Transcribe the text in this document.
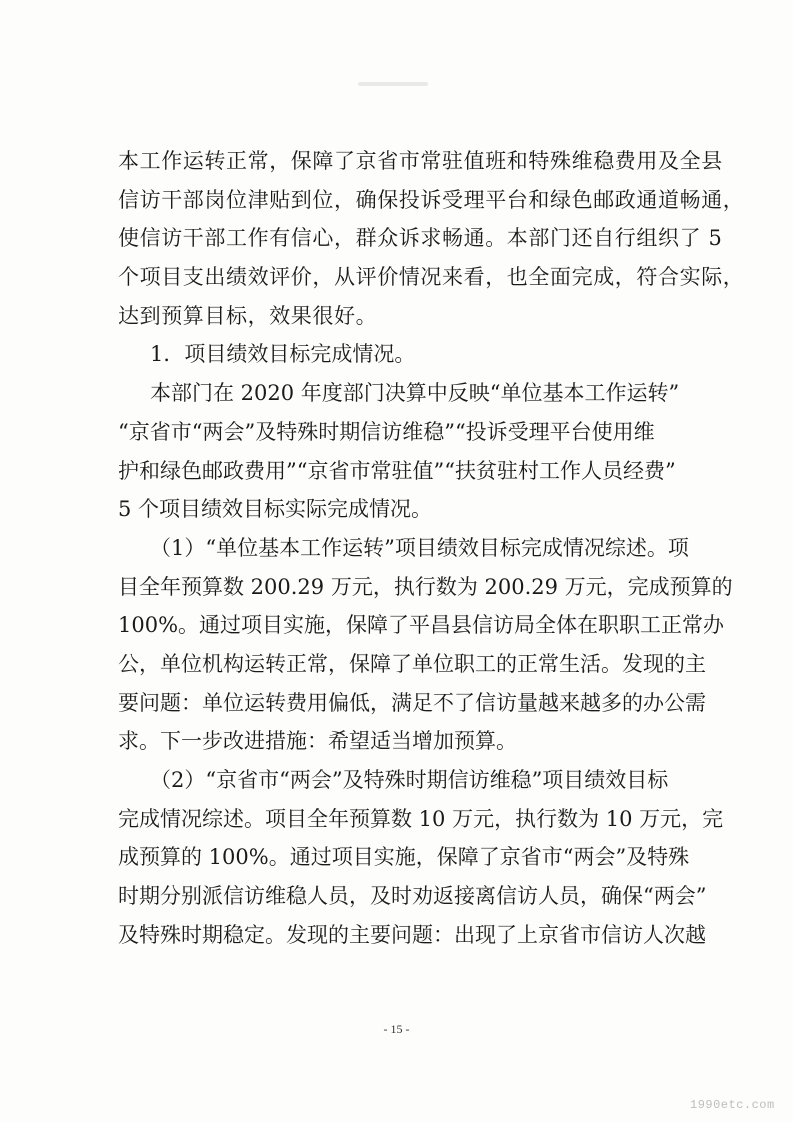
本工作运转正常，保障了京省市常驻值班和特殊维稳费用及全县
信访干部岗位津贴到位，确保投诉受理平台和绿色邮政通道畅通，
使信访干部工作有信心，群众诉求畅通。本部门还自行组织了 5
个项目支出绩效评价，从评价情况来看，也全面完成，符合实际，
达到预算目标，效果很好。
1．项目绩效目标完成情况。
本部门在 2020 年度部门决算中反映“单位基本工作运转”
“京省市“两会”及特殊时期信访维稳”“投诉受理平台使用维
护和绿色邮政费用”“京省市常驻值”“扶贫驻村工作人员经费”
5 个项目绩效目标实际完成情况。
（1）“单位基本工作运转”项目绩效目标完成情况综述。项
目全年预算数 200.29 万元，执行数为 200.29 万元，完成预算的
100%。通过项目实施，保障了平昌县信访局全体在职职工正常办
公，单位机构运转正常，保障了单位职工的正常生活。发现的主
要问题：单位运转费用偏低，满足不了信访量越来越多的办公需
求。下一步改进措施：希望适当增加预算。
（2）“京省市“两会”及特殊时期信访维稳”项目绩效目标
完成情况综述。项目全年预算数 10 万元，执行数为 10 万元，完
成预算的 100%。通过项目实施，保障了京省市“两会”及特殊
时期分别派信访维稳人员，及时劝返接离信访人员，确保“两会”
及特殊时期稳定。发现的主要问题：出现了上京省市信访人次越
- 15 -
1990etc.com
